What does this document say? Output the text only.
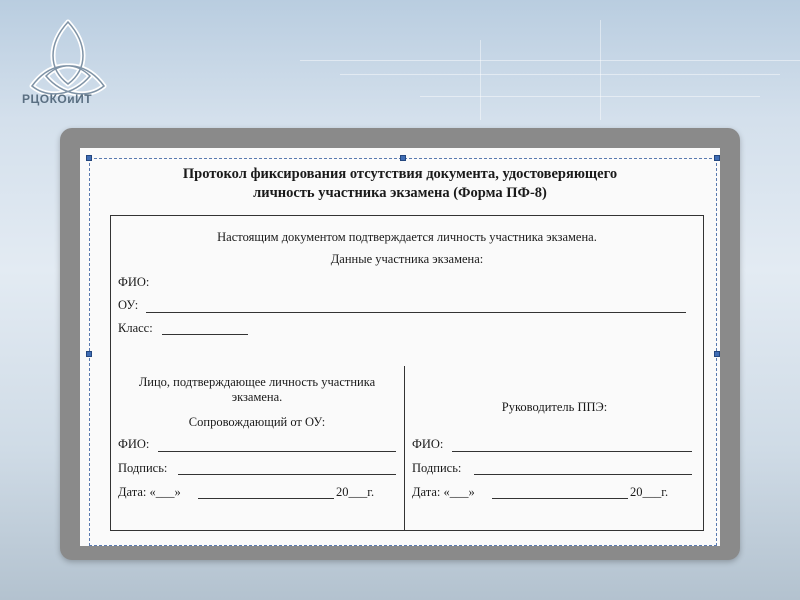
РЦОКОиИТ
Протокол фиксирования отсутствия документа, удостоверяющего
личность участника экзамена (Форма ПФ-8)
Настоящим документом подтверждается личность участника экзамена.
Данные участника экзамена:
ФИО:
ОУ:
Класс:
Лицо, подтверждающее личность участника
экзамена.
Сопровождающий от ОУ:
ФИО:
Подпись:
Дата: «___»	20___г.
Руководитель ППЭ:
ФИО:
Подпись:
Дата: «___»	20___г.
